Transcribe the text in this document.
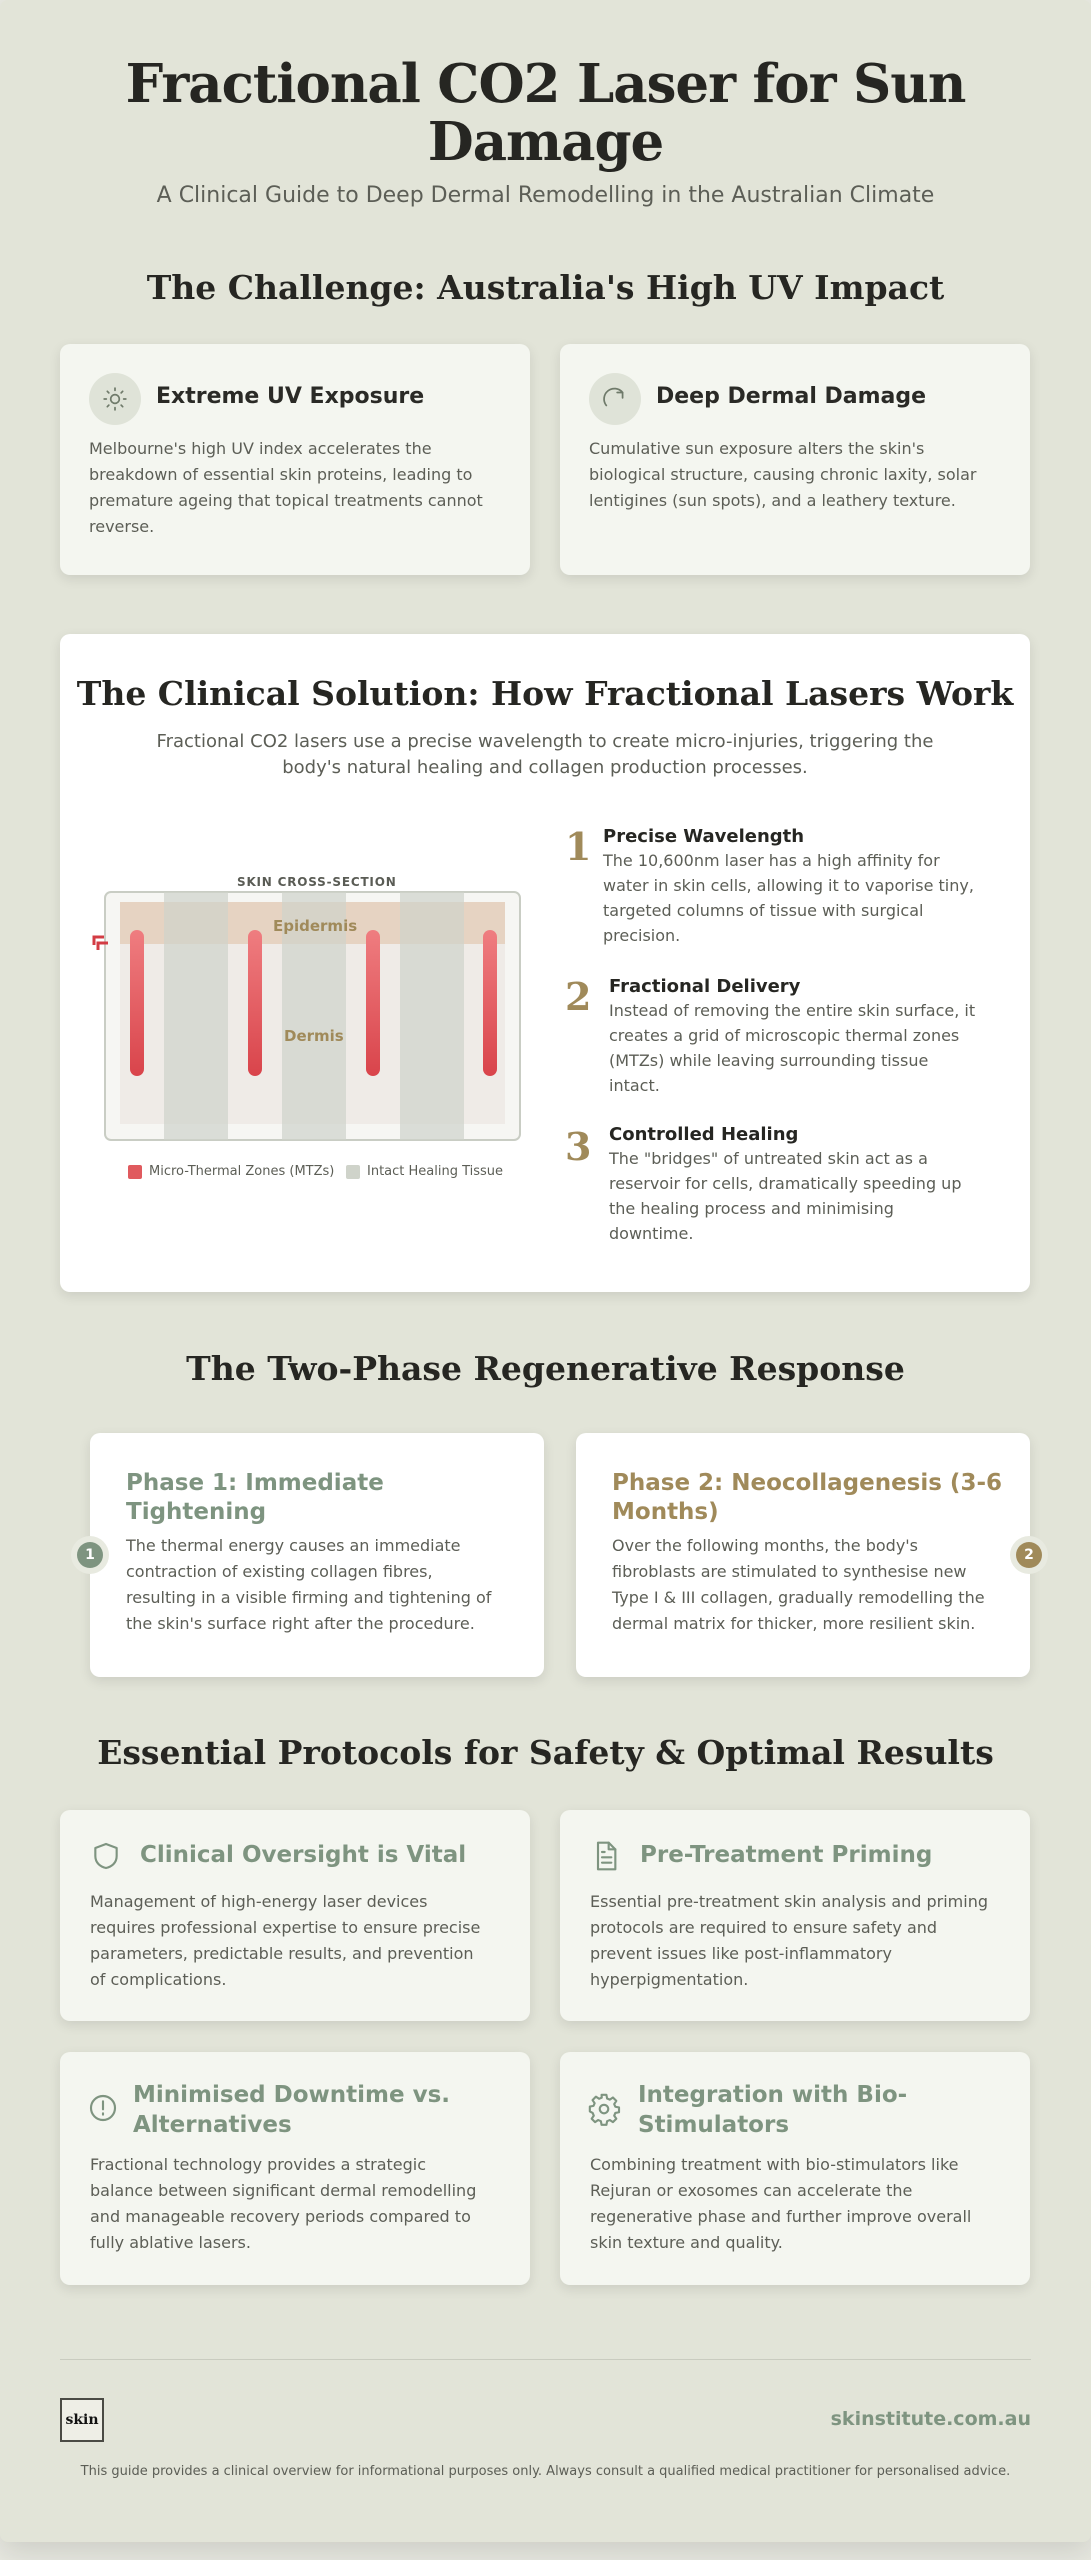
Fractional CO2 Laser for Sun
Damage
A Clinical Guide to Deep Dermal Remodelling in the Australian Climate
The Challenge: Australia's High UV Impact
Extreme UV Exposure
Melbourne's high UV index accelerates the
breakdown of essential skin proteins, leading to
premature ageing that topical treatments cannot
reverse.
Deep Dermal Damage
Cumulative sun exposure alters the skin's
biological structure, causing chronic laxity, solar
lentigines (sun spots), and a leathery texture.
The Clinical Solution: How Fractional Lasers Work
Fractional CO2 lasers use a precise wavelength to create micro-injuries, triggering the
body's natural healing and collagen production processes.
SKIN CROSS-SECTION
Epidermis
Dermis
Micro-Thermal Zones (MTZs)	Intact Healing Tissue
1 Precise Wavelength
The 10,600nm laser has a high affinity for
water in skin cells, allowing it to vaporise tiny,
targeted columns of tissue with surgical
precision.
2 Fractional Delivery
Instead of removing the entire skin surface, it
creates a grid of microscopic thermal zones
(MTZs) while leaving surrounding tissue
intact.
3 Controlled Healing
The "bridges" of untreated skin act as a
reservoir for cells, dramatically speeding up
the healing process and minimising
downtime.
The Two-Phase Regenerative Response
Phase 1: Immediate
Tightening
The thermal energy causes an immediate
contraction of existing collagen fibres,
resulting in a visible firming and tightening of
the skin's surface right after the procedure.
1
Phase 2: Neocollagenesis (3-6
Months)
Over the following months, the body's
fibroblasts are stimulated to synthesise new
Type I & III collagen, gradually remodelling the
dermal matrix for thicker, more resilient skin.
2
Essential Protocols for Safety & Optimal Results
Clinical Oversight is Vital
Management of high-energy laser devices
requires professional expertise to ensure precise
parameters, predictable results, and prevention
of complications.
Pre-Treatment Priming
Essential pre-treatment skin analysis and priming
protocols are required to ensure safety and
prevent issues like post-inflammatory
hyperpigmentation.
Minimised Downtime vs.
Alternatives
Fractional technology provides a strategic
balance between significant dermal remodelling
and manageable recovery periods compared to
fully ablative lasers.
Integration with Bio-
Stimulators
Combining treatment with bio-stimulators like
Rejuran or exosomes can accelerate the
regenerative phase and further improve overall
skin texture and quality.
skin	skinstitute.com.au
This guide provides a clinical overview for informational purposes only. Always consult a qualified medical practitioner for personalised advice.
